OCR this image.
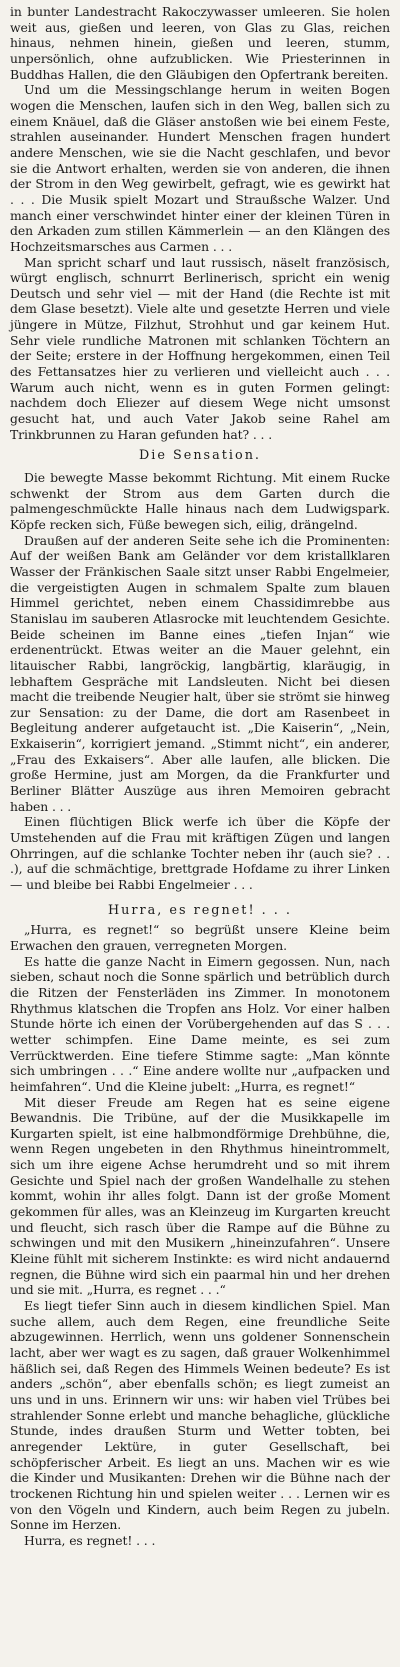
in bunter Landestracht Rakoczywasser umleeren. Sie holen weit aus, gießen und leeren, von Glas zu Glas, reichen hinaus, nehmen hinein, gießen und leeren, stumm, unpersönlich, ohne aufzublicken. Wie Priesterinnen in Buddhas Hallen, die den Gläubigen den Opfertrank bereiten.

Und um die Messingschlange herum in weiten Bogen wogen die Menschen, laufen sich in den Weg, ballen sich zu einem Knäuel, daß die Gläser anstoßen wie bei einem Feste, strahlen auseinander. Hundert Menschen fragen hundert andere Menschen, wie sie die Nacht geschlafen, und bevor sie die Antwort erhalten, werden sie von anderen, die ihnen der Strom in den Weg gewirbelt, gefragt, wie es gewirkt hat . . . Die Musik spielt Mozart und Straußsche Walzer. Und manch einer verschwindet hinter einer der kleinen Türen in den Arkaden zum stillen Kämmerlein — an den Klängen des Hochzeitsmarsches aus Carmen . . .

Man spricht scharf und laut russisch, näselt französisch, würgt englisch, schnurrt Berlinerisch, spricht ein wenig Deutsch und sehr viel — mit der Hand (die Rechte ist mit dem Glase besetzt). Viele alte und gesetzte Herren und viele jüngere in Mütze, Filzhut, Strohhut und gar keinem Hut. Sehr viele rundliche Matronen mit schlanken Töchtern an der Seite; erstere in der Hoffnung hergekommen, einen Teil des Fettansatzes hier zu verlieren und vielleicht auch . . . Warum auch nicht, wenn es in guten Formen gelingt: nachdem doch Eliezer auf diesem Wege nicht umsonst gesucht hat, und auch Vater Jakob seine Rahel am Trinkbrunnen zu Haran gefunden hat? . . .

Die Sensation.

Die bewegte Masse bekommt Richtung. Mit einem Rucke schwenkt der Strom aus dem Garten durch die palmengeschmückte Halle hinaus nach dem Ludwigspark. Köpfe recken sich, Füße bewegen sich, eilig, drängelnd.

Draußen auf der anderen Seite sehe ich die Prominenten: Auf der weißen Bank am Geländer vor dem kristallklaren Wasser der Fränkischen Saale sitzt unser Rabbi Engelmeier, die vergeistigten Augen in schmalem Spalte zum blauen Himmel gerichtet, neben einem Chassidimrebbe aus Stanislau im sauberen Atlasrocke mit leuchtendem Gesichte. Beide scheinen im Banne eines „tiefen Injan“ wie erdenentrückt. Etwas weiter an die Mauer gelehnt, ein litauischer Rabbi, langröckig, langbärtig, klaräugig, in lebhaftem Gespräche mit Landsleuten. Nicht bei diesen macht die treibende Neugier halt, über sie strömt sie hinweg zur Sensation: zu der Dame, die dort am Rasenbeet in Begleitung anderer aufgetaucht ist. „Die Kaiserin“, „Nein, Exkaiserin“, korrigiert jemand. „Stimmt nicht“, ein anderer, „Frau des Exkaisers“. Aber alle laufen, alle blicken. Die große Hermine, just am Morgen, da die Frankfurter und Berliner Blätter Auszüge aus ihren Memoiren gebracht haben . . .

Einen flüchtigen Blick werfe ich über die Köpfe der Umstehenden auf die Frau mit kräftigen Zügen und langen Ohrringen, auf die schlanke Tochter neben ihr (auch sie? . . .), auf die schmächtige, brettgrade Hofdame zu ihrer Linken — und bleibe bei Rabbi Engelmeier . . .

Hurra, es regnet! . . .

„Hurra, es regnet!“ so begrüßt unsere Kleine beim Erwachen den grauen, verregneten Morgen.

Es hatte die ganze Nacht in Eimern gegossen. Nun, nach sieben, schaut noch die Sonne spärlich und betrüblich durch die Ritzen der Fensterläden ins Zimmer. In monotonem Rhythmus klatschen die Tropfen ans Holz. Vor einer halben Stunde hörte ich einen der Vorübergehenden auf das S . . . wetter schimpfen. Eine Dame meinte, es sei zum Verrücktwerden. Eine tiefere Stimme sagte: „Man könnte sich umbringen . . .“ Eine andere wollte nur „aufpacken und heimfahren“. Und die Kleine jubelt: „Hurra, es regnet!“

Mit dieser Freude am Regen hat es seine eigene Bewandnis. Die Tribüne, auf der die Musikkapelle im Kurgarten spielt, ist eine halbmondförmige Drehbühne, die, wenn Regen ungebeten in den Rhythmus hineintrommelt, sich um ihre eigene Achse herumdreht und so mit ihrem Gesichte und Spiel nach der großen Wandelhalle zu stehen kommt, wohin ihr alles folgt. Dann ist der große Moment gekommen für alles, was an Kleinzeug im Kurgarten kreucht und fleucht, sich rasch über die Rampe auf die Bühne zu schwingen und mit den Musikern „hineinzufahren“. Unsere Kleine fühlt mit sicherem Instinkte: es wird nicht andauernd regnen, die Bühne wird sich ein paarmal hin und her drehen und sie mit. „Hurra, es regnet . . .“

Es liegt tiefer Sinn auch in diesem kindlichen Spiel. Man suche allem, auch dem Regen, eine freundliche Seite abzugewinnen. Herrlich, wenn uns goldener Sonnenschein lacht, aber wer wagt es zu sagen, daß grauer Wolkenhimmel häßlich sei, daß Regen des Himmels Weinen bedeute? Es ist anders „schön“, aber ebenfalls schön; es liegt zumeist an uns und in uns. Erinnern wir uns: wir haben viel Trübes bei strahlender Sonne erlebt und manche behagliche, glückliche Stunde, indes draußen Sturm und Wetter tobten, bei anregender Lektüre, in guter Gesellschaft, bei schöpferischer Arbeit. Es liegt an uns. Machen wir es wie die Kinder und Musikanten: Drehen wir die Bühne nach der trockenen Richtung hin und spielen weiter . . . Lernen wir es von den Vögeln und Kindern, auch beim Regen zu jubeln. Sonne im Herzen.

Hurra, es regnet! . . .
